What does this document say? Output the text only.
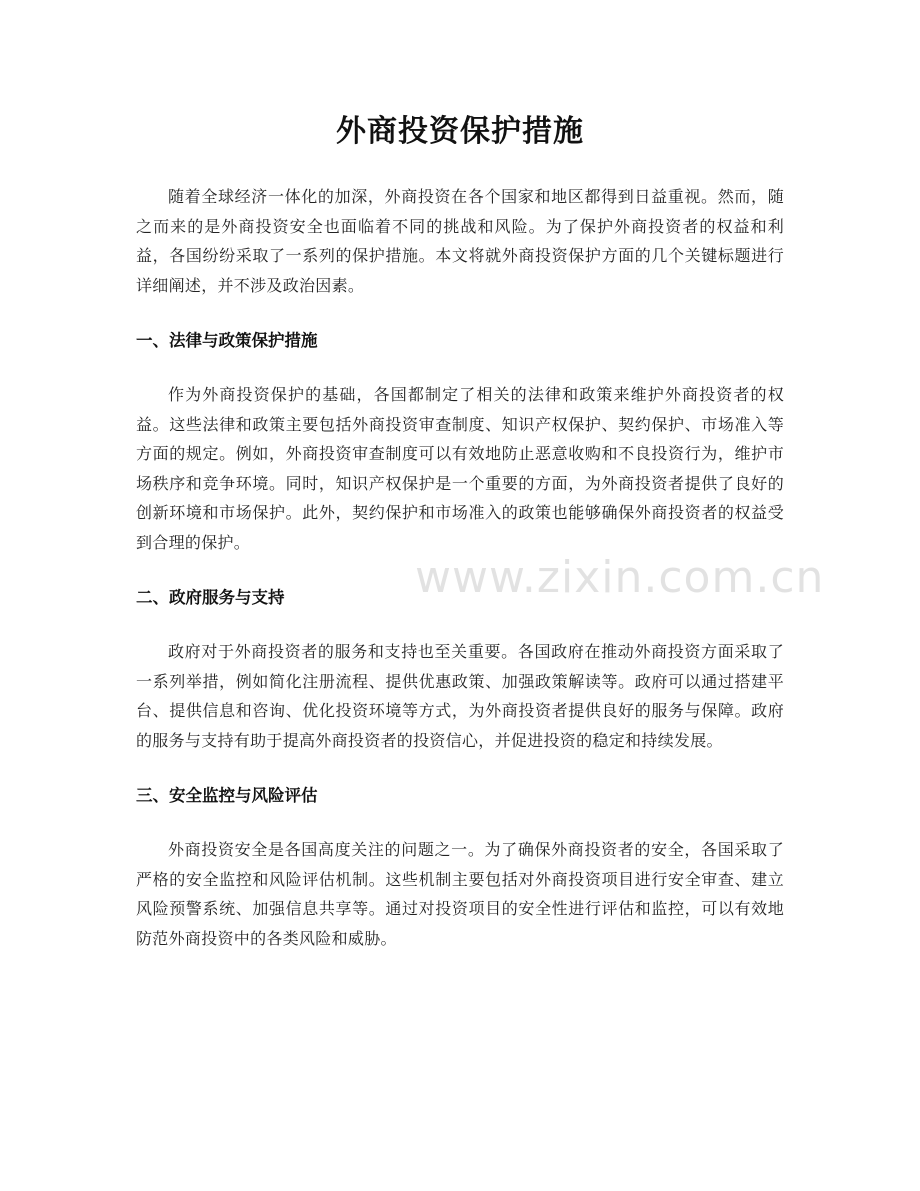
外商投资保护措施

随着全球经济一体化的加深，外商投资在各个国家和地区都得到日益重视。然而，随之而来的是外商投资安全也面临着不同的挑战和风险。为了保护外商投资者的权益和利益，各国纷纷采取了一系列的保护措施。本文将就外商投资保护方面的几个关键标题进行详细阐述，并不涉及政治因素。

一、法律与政策保护措施

作为外商投资保护的基础，各国都制定了相关的法律和政策来维护外商投资者的权益。这些法律和政策主要包括外商投资审查制度、知识产权保护、契约保护、市场准入等方面的规定。例如，外商投资审查制度可以有效地防止恶意收购和不良投资行为，维护市场秩序和竞争环境。同时，知识产权保护是一个重要的方面，为外商投资者提供了良好的创新环境和市场保护。此外，契约保护和市场准入的政策也能够确保外商投资者的权益受到合理的保护。

二、政府服务与支持

政府对于外商投资者的服务和支持也至关重要。各国政府在推动外商投资方面采取了一系列举措，例如简化注册流程、提供优惠政策、加强政策解读等。政府可以通过搭建平台、提供信息和咨询、优化投资环境等方式，为外商投资者提供良好的服务与保障。政府的服务与支持有助于提高外商投资者的投资信心，并促进投资的稳定和持续发展。

三、安全监控与风险评估

外商投资安全是各国高度关注的问题之一。为了确保外商投资者的安全，各国采取了严格的安全监控和风险评估机制。这些机制主要包括对外商投资项目进行安全审查、建立风险预警系统、加强信息共享等。通过对投资项目的安全性进行评估和监控，可以有效地防范外商投资中的各类风险和威胁。

www.zixin.com.cn
